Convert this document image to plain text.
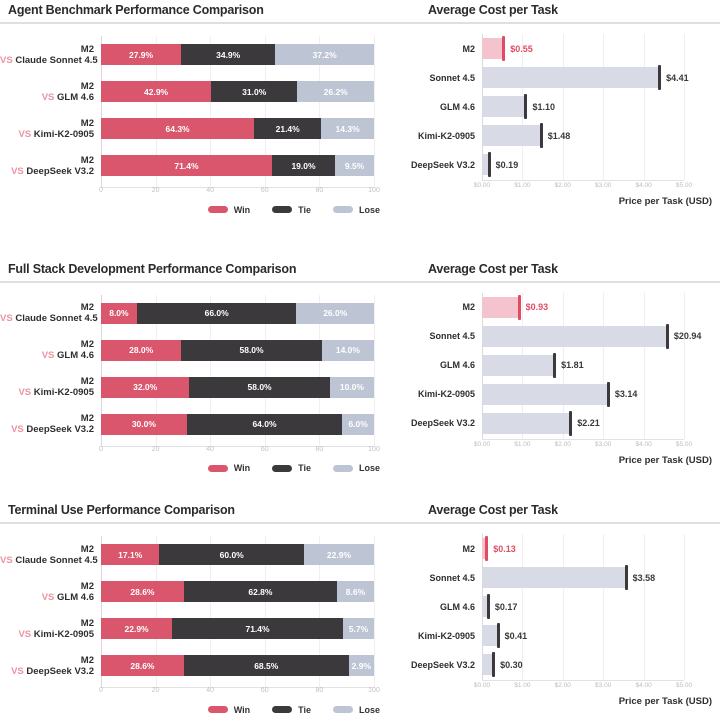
Agent Benchmark Performance Comparison
M2
VS Claude Sonnet 4.5	27.9%	34.9%	37.2%
M2
VS GLM 4.6	42.9%	31.0%	26.2%
M2
VS Kimi-K2-0905	64.3%	21.4%	14.3%
M2
VS DeepSeek V3.2	71.4%	19.0%	9.5%
0	20	40	60	80	100
Win	Tie	Lose
Average Cost per Task
M2	$0.55
Sonnet 4.5	$4.41
GLM 4.6	$1.10
Kimi-K2-0905	$1.48
DeepSeek V3.2	$0.19
$0.00	$1.00	$2.00	$3.00	$4.00	$5.00
Price per Task (USD)
Full Stack Development Performance Comparison
M2
VS Claude Sonnet 4.5 8.0%	66.0%	26.0%
M2
VS GLM 4.6	28.0%	58.0%	14.0%
M2
VS Kimi-K2-0905	32.0%	58.0%	10.0%
M2
VS DeepSeek V3.2	30.0%	64.0%	6.0%
0	20	40	60	80	100
Win	Tie	Lose
Average Cost per Task
M2	$0.93
Sonnet 4.5	$20.94
GLM 4.6	$1.81
Kimi-K2-0905	$3.14
DeepSeek V3.2	$2.21
$0.00	$1.00	$2.00	$3.00	$4.00	$5.00
Price per Task (USD)
Terminal Use Performance Comparison
M2
VS Claude Sonnet 4.5 17.1%	60.0%	22.9%
M2
VS GLM 4.6	28.6%	62.8%	8.6%
M2
VS Kimi-K2-0905	22.9%	71.4%	5.7%
M2
VS DeepSeek V3.2	28.6%	68.5%	2.9%
0	20	40	60	80	100
Win	Tie	Lose
Average Cost per Task
M2	$0.13
Sonnet 4.5	$3.58
GLM 4.6	$0.17
Kimi-K2-0905	$0.41
DeepSeek V3.2	$0.30
$0.00	$1.00	$2.00	$3.00	$4.00	$5.00
Price per Task (USD)
